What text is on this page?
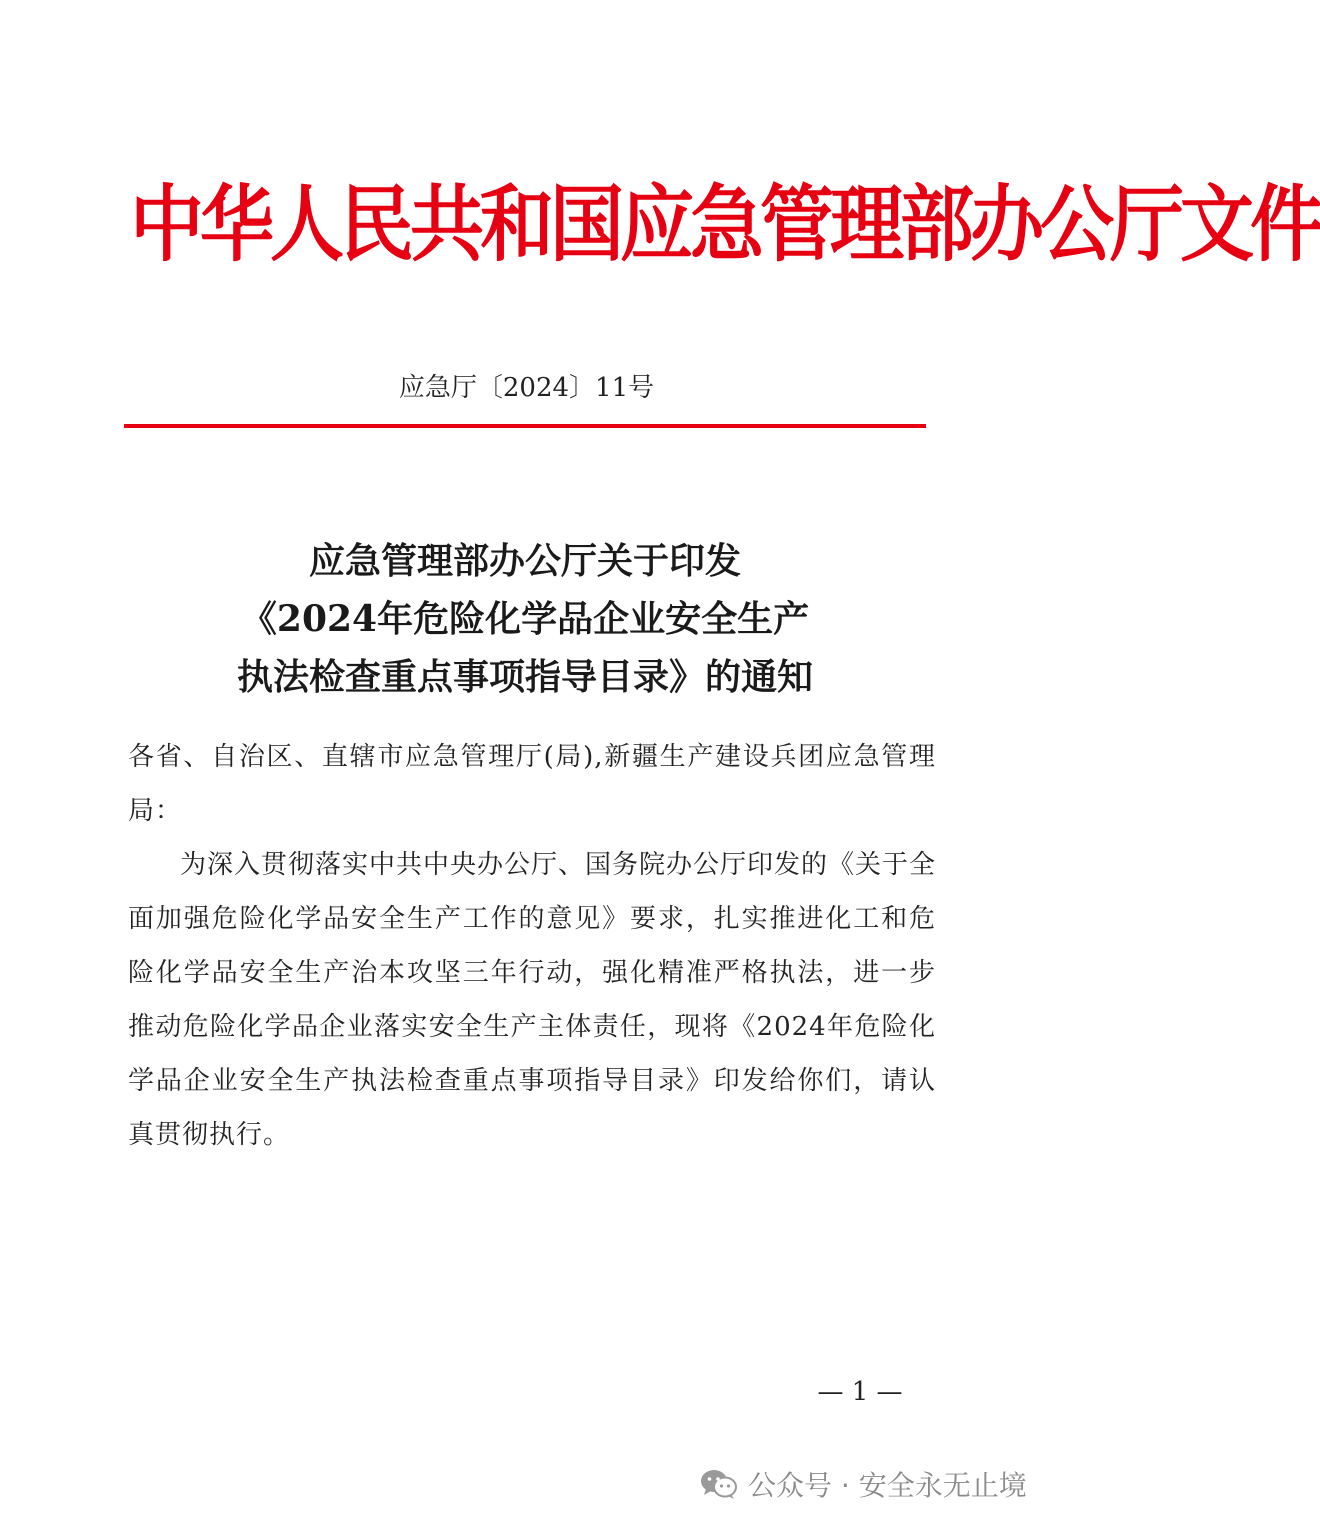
中华人民共和国应急管理部办公厅文件
应急厅〔2024〕11号
应急管理部办公厅关于印发
《2024年危险化学品企业安全生产
执法检查重点事项指导目录》的通知

各省、自治区、直辖市应急管理厅(局),新疆生产建设兵团应急管理局：

为深入贯彻落实中共中央办公厅、国务院办公厅印发的《关于全面加强危险化学品安全生产工作的意见》要求，扎实推进化工和危险化学品安全生产治本攻坚三年行动，强化精准严格执法，进一步推动危险化学品企业落实安全生产主体责任，现将《2024年危险化学品企业安全生产执法检查重点事项指导目录》印发给你们，请认真贯彻执行。

— 1 —
公众号 · 安全永无止境
